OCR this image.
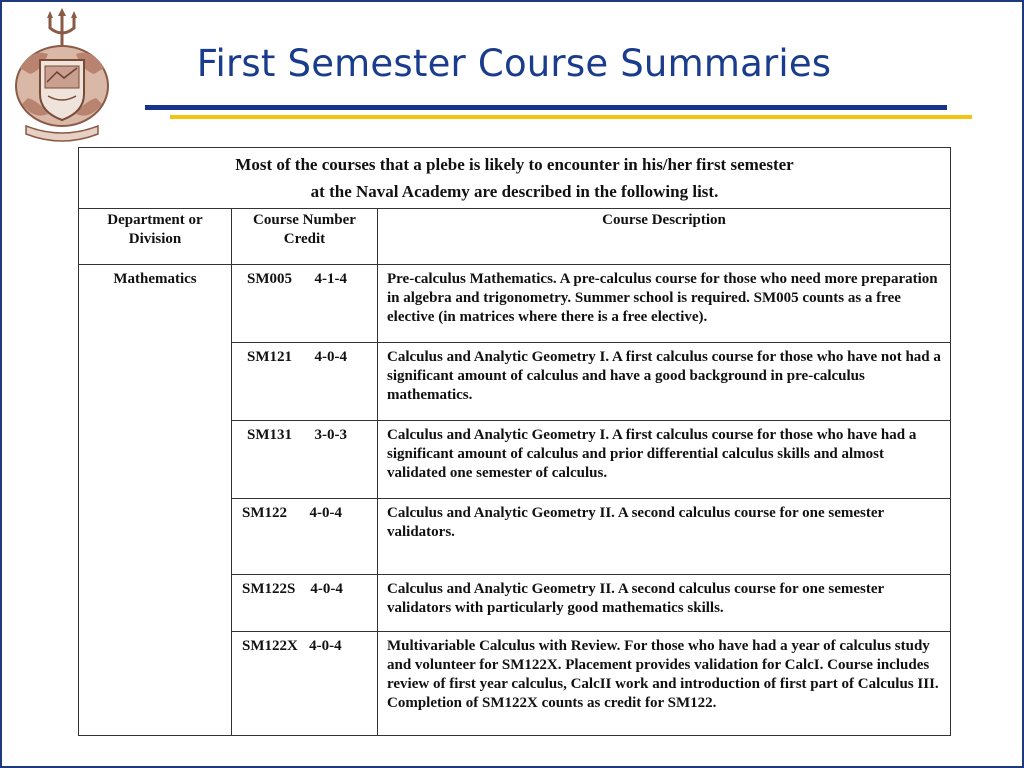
First Semester Course Summaries
Most of the courses that a plebe is likely to encounter in his/her first semester
at the Naval Academy are described in the following list.		
Department or Division	Course Number Credit	Course Description
Mathematics	SM005      4-1-4	Pre-calculus Mathematics. A pre-calculus course for those who need more preparation in algebra and trigonometry. Summer school is required. SM005 counts as a free elective (in matrices where there is a free elective).
	SM121      4-0-4	Calculus and Analytic Geometry I. A first calculus course for those who have not had a significant amount of calculus and have a good background in pre-calculus mathematics.
	SM131      3-0-3	Calculus and Analytic Geometry I. A first calculus course for those who have had a significant amount of calculus and prior differential calculus skills and almost validated one semester of calculus.
	SM122      4-0-4	Calculus and Analytic Geometry II. A second calculus course for one semester validators.
	SM122S    4-0-4	Calculus and Analytic Geometry II. A second calculus course for one semester validators with particularly good mathematics skills.
	SM122X   4-0-4	Multivariable Calculus with Review. For those who have had a year of calculus study and volunteer for SM122X. Placement provides validation for CalcI. Course includes review of first year calculus, CalcII work and introduction of first part of Calculus III. Completion of SM122X counts as credit for SM122.
